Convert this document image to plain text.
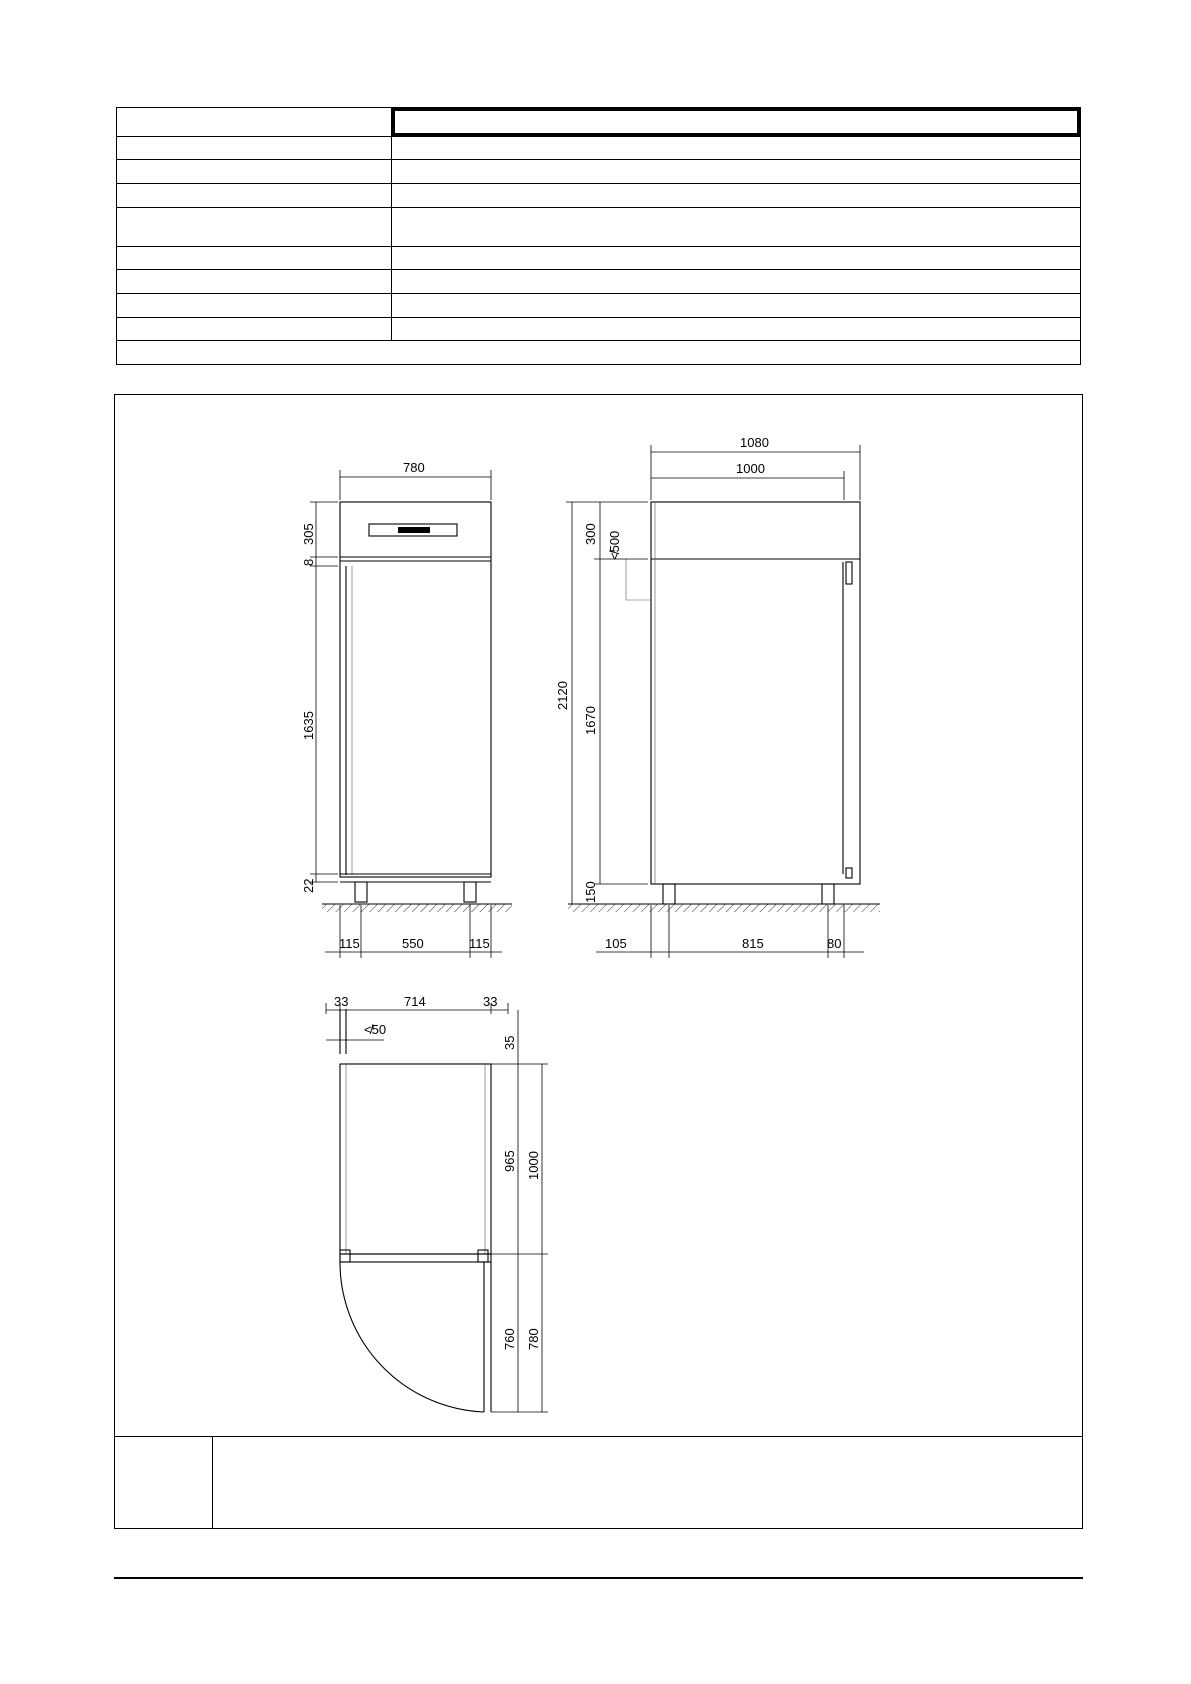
780
305
8
1635
22
115	550	115
1080
1000
300 ≮500
2120
1670
150
105	815	80
33	714	33
≮50
35
965 1000
760 780
